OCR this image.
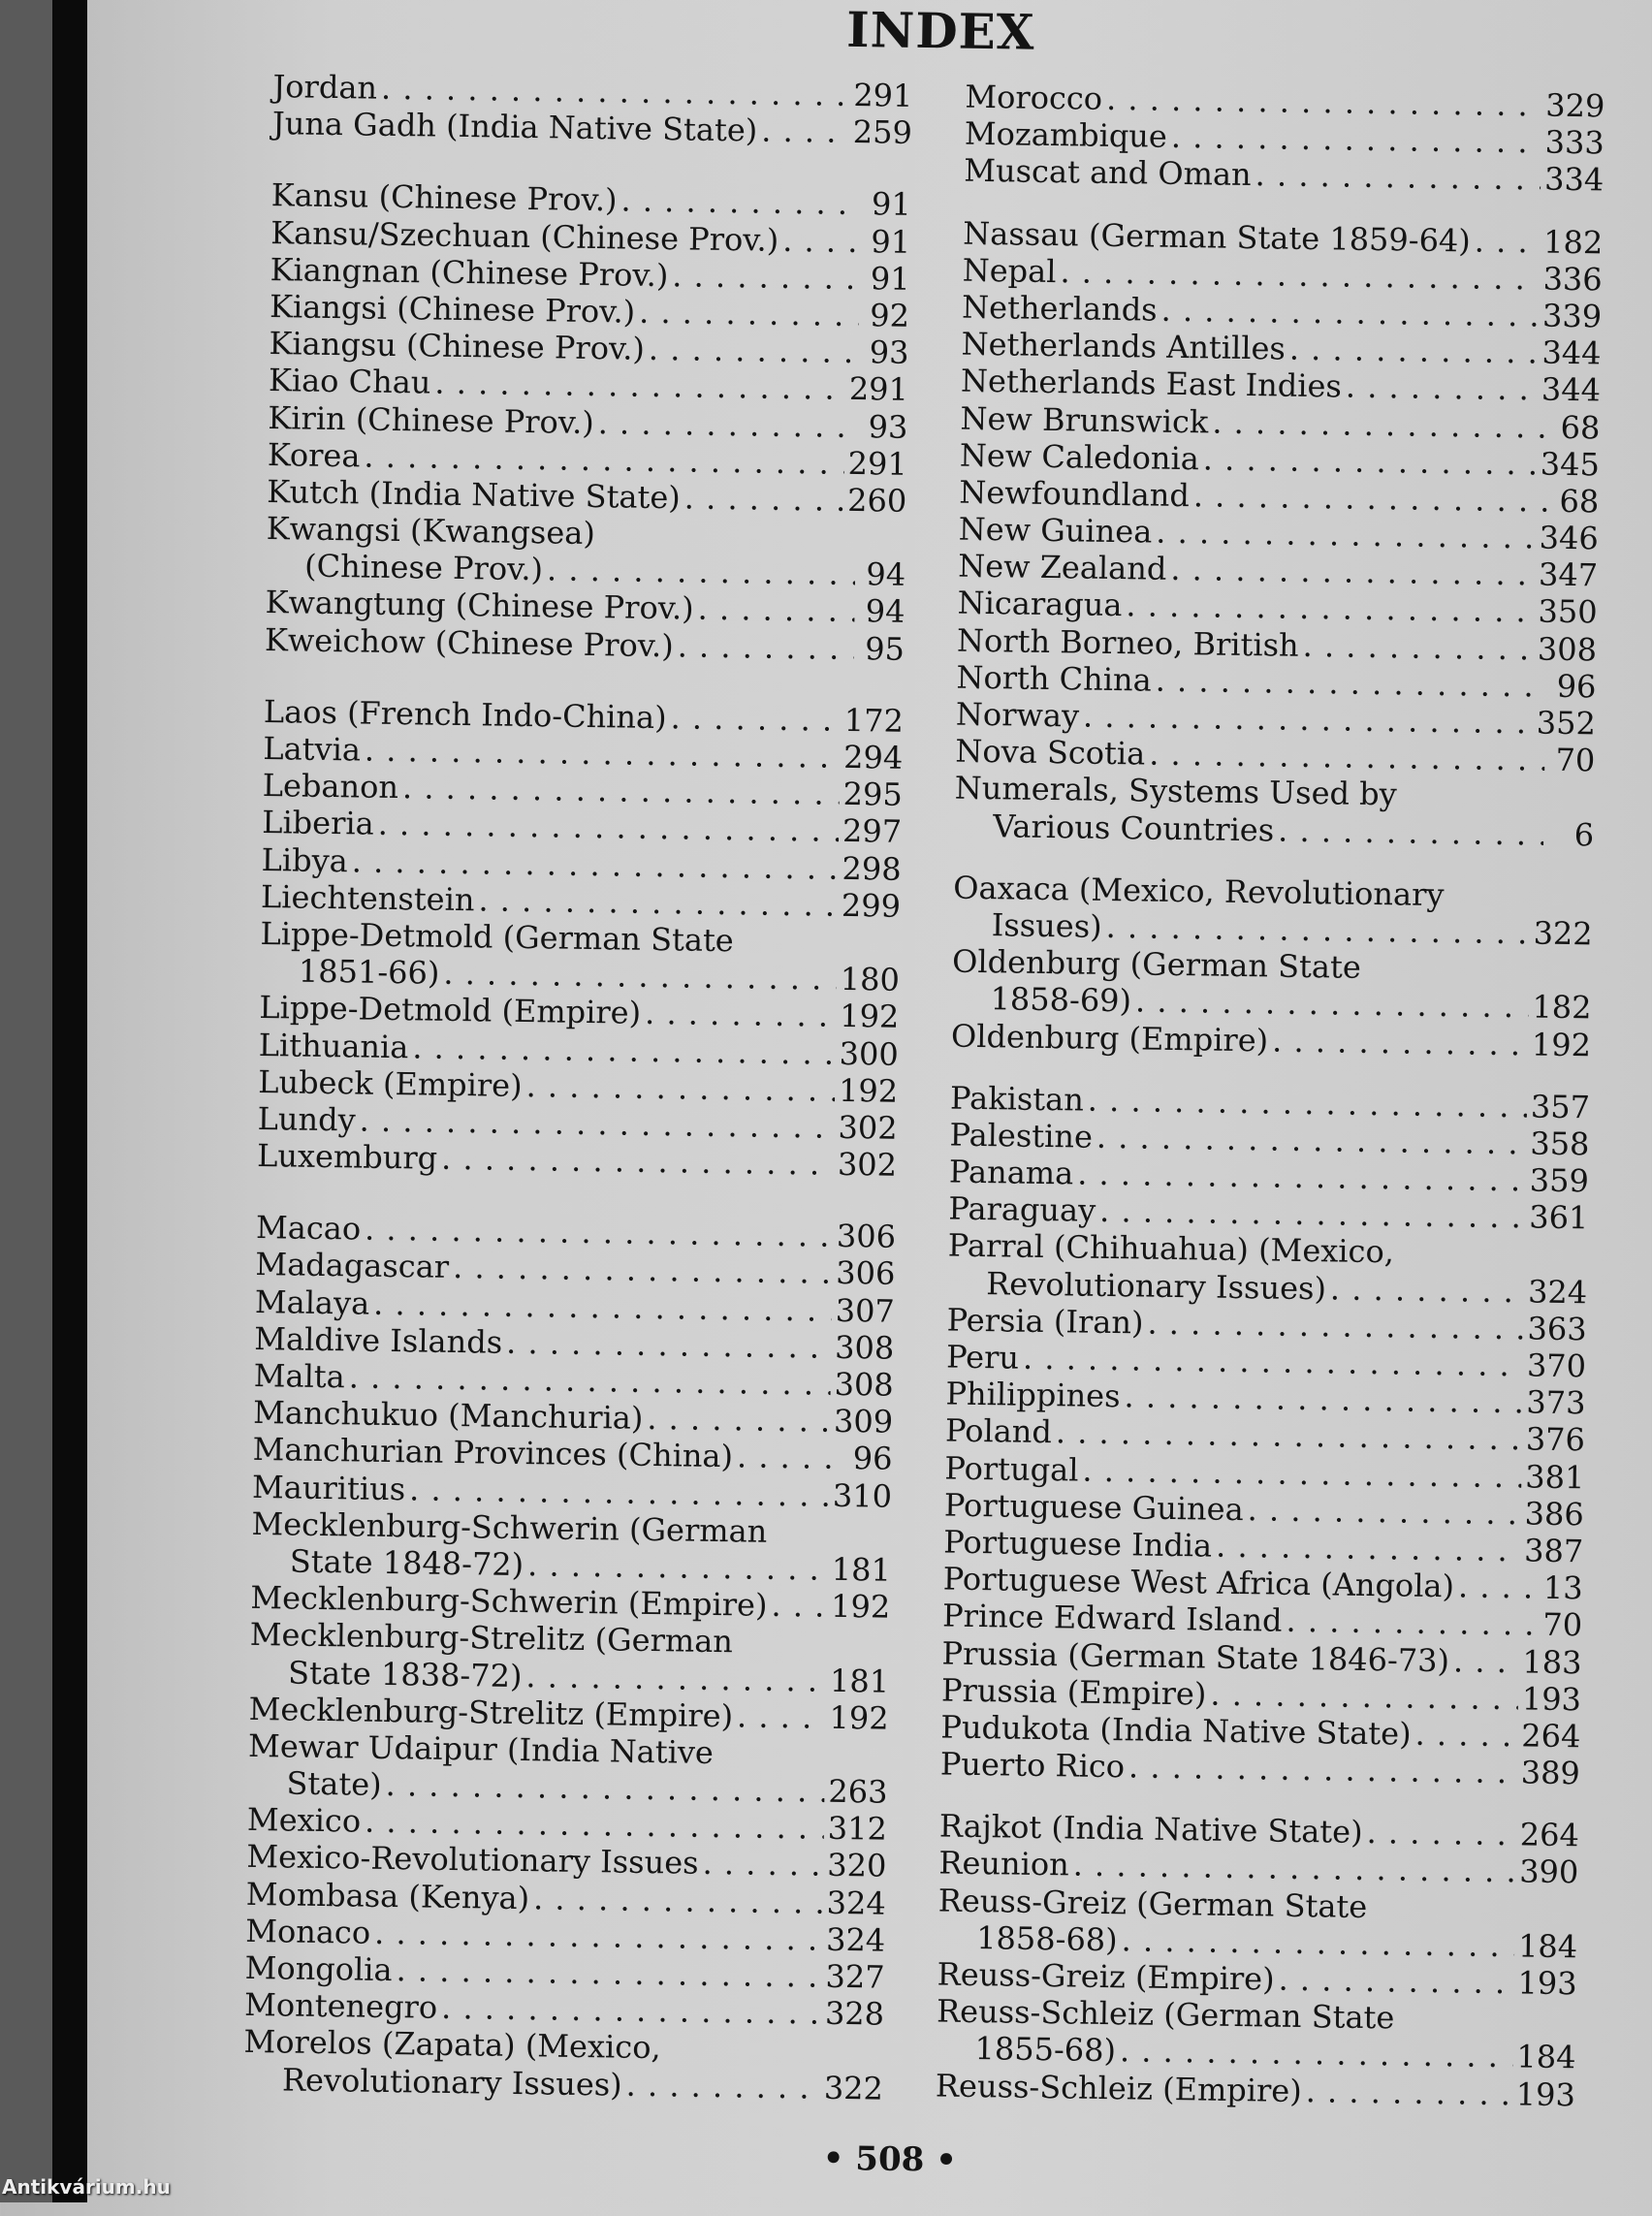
INDEX
Jordan . . .	291
Juna Gadh (India Native State) . . .	259
Kansu (Chinese Prov.) . . .	91
Kansu/Szechuan (Chinese Prov.) . . .	91
Kiangnan (Chinese Prov.) . . .	91
Kiangsi (Chinese Prov.) . . .	92
Kiangsu (Chinese Prov.) . . .	93
Kiao Chau . . .	291
Kirin (Chinese Prov.) . . .	93
Korea . . .	291
Kutch (India Native State) . . .	260
Kwangsi (Kwangsea)
(Chinese Prov.) . . .	94
Kwangtung (Chinese Prov.) . . .	94
Kweichow (Chinese Prov.) . . .	95
Laos (French Indo-China) . . .	172
Latvia . . .	294
Lebanon . . .	295
Liberia . . .	297
Libya . . .	298
Liechtenstein . . .	299
Lippe-Detmold (German State
1851-66) . . .	180
Lippe-Detmold (Empire) . . .	192
Lithuania . . .	300
Lubeck (Empire) . . .	192
Lundy . . .	302
Luxemburg . . .	302
Macao . . .	306
Madagascar . . .	306
Malaya . . .	307
Maldive Islands . . .	308
Malta . . .	308
Manchukuo (Manchuria) . . .	309
Manchurian Provinces (China) . . .	96
Mauritius . . .	310
Mecklenburg-Schwerin (German
State 1848-72) . . .	181
Mecklenburg-Schwerin (Empire) . . . 192
Mecklenburg-Strelitz (German
State 1838-72) . . .	181
Mecklenburg-Strelitz (Empire) . . .	192
Mewar Udaipur (India Native
State) . . .	263
Mexico . . .	312
Mexico-Revolutionary Issues . . .	320
Mombasa (Kenya) . . .	324
Monaco . . .	324
Mongolia . . .	327
Montenegro . . .	328
Morelos (Zapata) (Mexico,
Revolutionary Issues) . . .	322
Morocco . . .	329
Mozambique . . .	333
Muscat and Oman . . .	334
Nassau (German State 1859-64) . . . 182
Nepal . . .	336
Netherlands . . .	339
Netherlands Antilles . . .	344
Netherlands East Indies . . .	344
New Brunswick . . .	68
New Caledonia . . .	345
Newfoundland . . .	68
New Guinea . . .	346
New Zealand . . .	347
Nicaragua . . .	350
North Borneo, British . . .	308
North China . . .	96
Norway . . .	352
Nova Scotia . . .	70
Numerals, Systems Used by
Various Countries . . .	6
Oaxaca (Mexico, Revolutionary
Issues) . . .	322
Oldenburg (German State
1858-69) . . .	182
Oldenburg (Empire) . . .	192
Pakistan . . .	357
Palestine . . .	358
Panama . . .	359
Paraguay . . .	361
Parral (Chihuahua) (Mexico,
Revolutionary Issues) . . .	324
Persia (Iran) . . .	363
Peru . . .	370
Philippines . . .	373
Poland . . .	376
Portugal . . .	381
Portuguese Guinea . . .	386
Portuguese India . . .	387
Portuguese West Africa (Angola) . . .	13
Prince Edward Island . . .	70
Prussia (German State 1846-73) . . . 183
Prussia (Empire) . . .	193
Pudukota (India Native State) . . .	264
Puerto Rico . . .	389
Rajkot (India Native State) . . .	264
Reunion . . .	390
Reuss-Greiz (German State
1858-68) . . .	184
Reuss-Greiz (Empire) . . .	193
Reuss-Schleiz (German State
1855-68) . . .	184
Reuss-Schleiz (Empire) . . .	193
• 508 •
Antikvárium.hu
